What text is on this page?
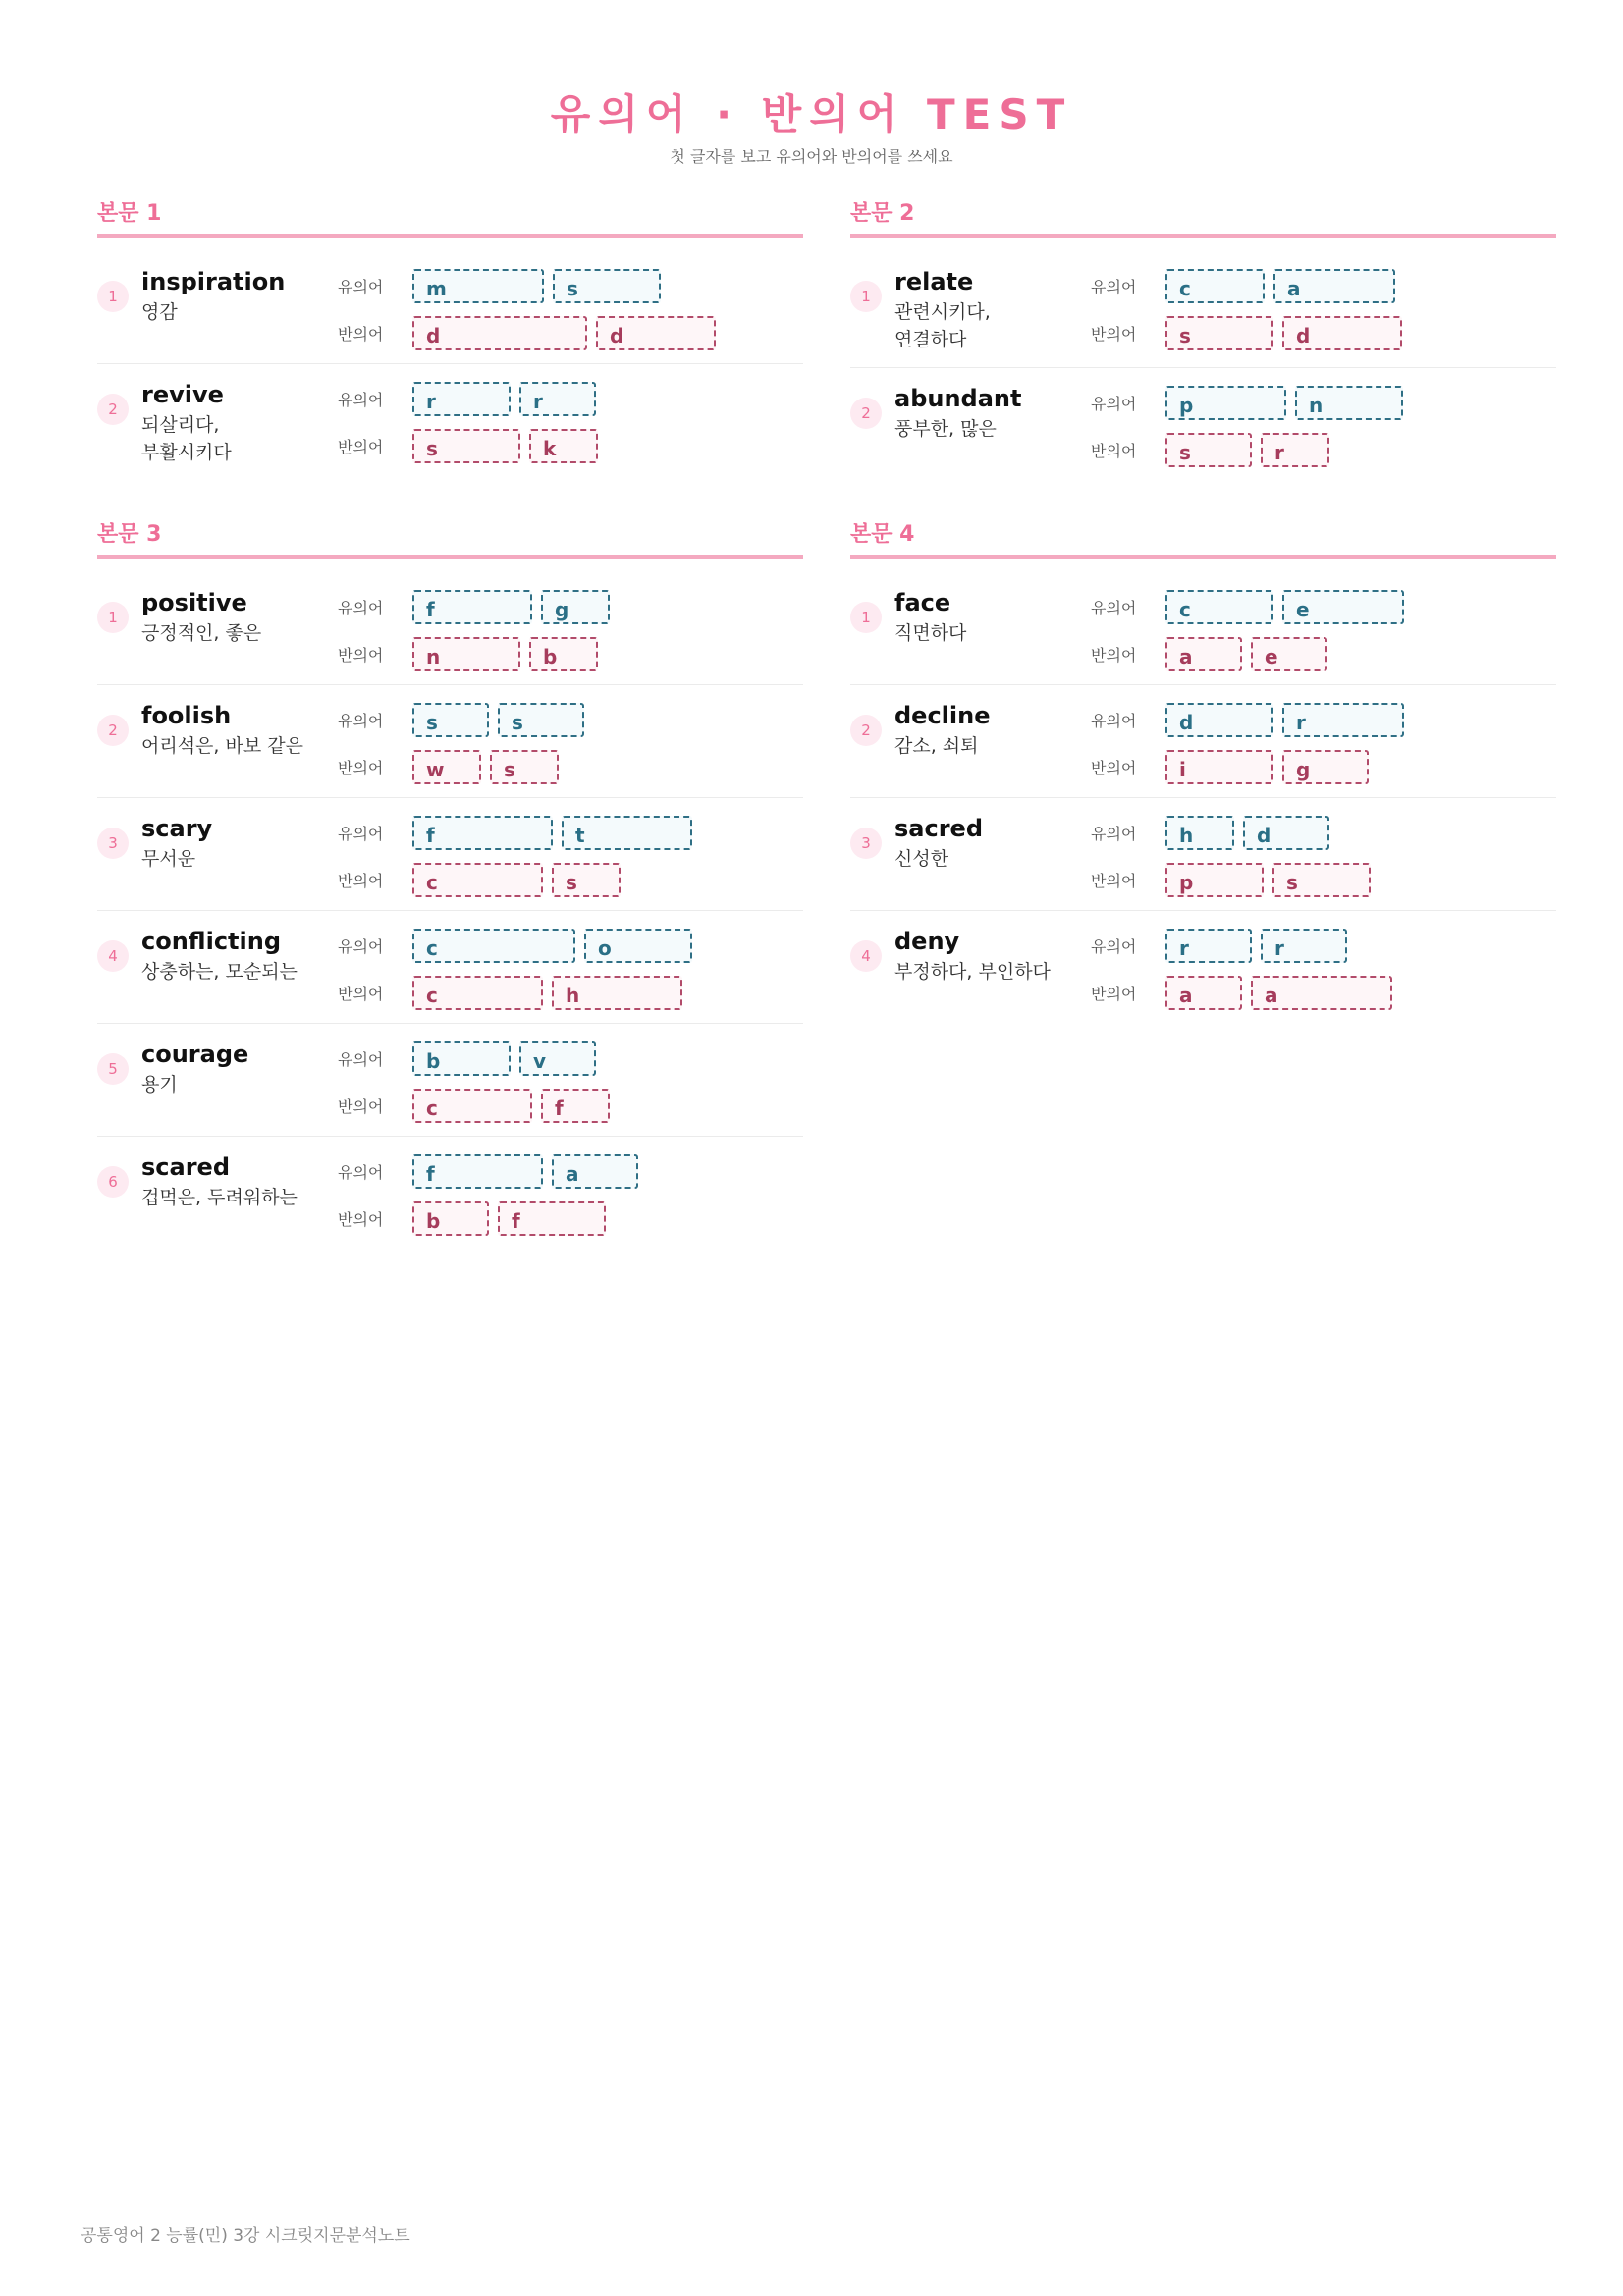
유의어 · 반의어 TEST
첫 글자를 보고 유의어와 반의어를 쓰세요
본문 1
1
inspiration
영감
유의어	m	s
반의어	d	d
2
revive
되살리다,
부활시키다
유의어	r	r
반의어	s	k
본문 2
1
relate
관련시키다,
연결하다
유의어	c	a
반의어	s	d
2
abundant
풍부한, 많은
유의어	p	n
반의어	s	r
본문 3
1
positive
긍정적인, 좋은
유의어	f	g
반의어	n	b
2
foolish
어리석은, 바보 같은
유의어	s	s
반의어	w	s
3
scary
무서운
유의어	f	t
반의어	c	s
4
conflicting
상충하는, 모순되는
유의어	c	o
반의어	c	h
5
courage
용기
유의어	b	v
반의어	c	f
6
scared
겁먹은, 두려워하는
유의어	f	a
반의어	b	f
본문 4
1
face
직면하다
유의어	c	e
반의어	a	e
2
decline
감소, 쇠퇴
유의어	d	r
반의어	i	g
3
sacred
신성한
유의어	h	d
반의어	p	s
4
deny
부정하다, 부인하다
유의어	r	r
반의어	a	a
공통영어 2 능률(민) 3강 시크릿지문분석노트
